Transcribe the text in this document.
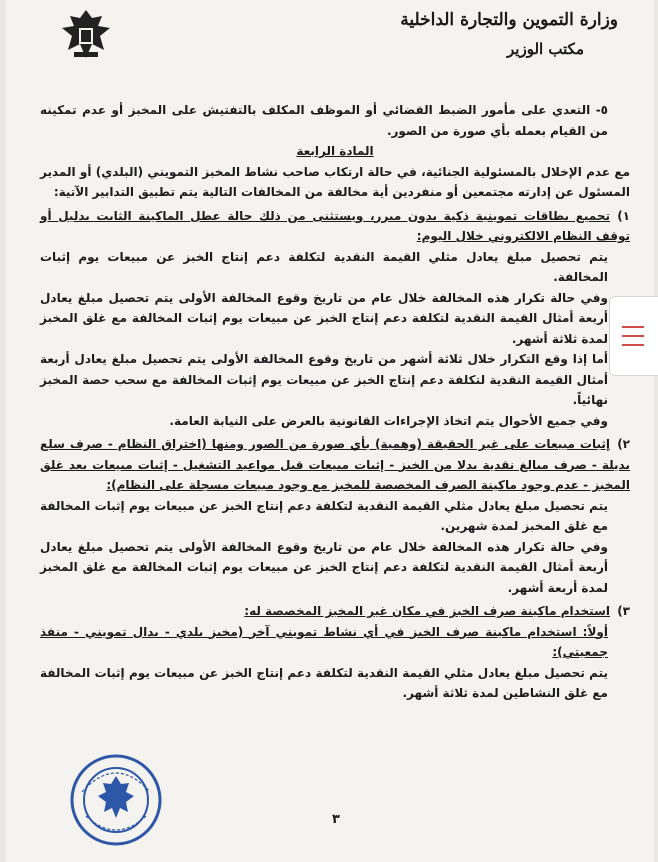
وزارة التموين والتجارة الداخلية
مكتب الوزير

٥- التعدي على مأمور الضبط القضائي أو الموظف المكلف بالتفتيش على المخبز أو عدم تمكينه من القيام بعمله بأي صورة من الصور.

المادة الرابعة

مع عدم الإخلال بالمسئولية الجنائية، في حالة ارتكاب صاحب نشاط المخبز التمويني (البلدي) أو المدير المسئول عن إدارته مجتمعين أو منفردين أية مخالفة من المخالفات التالية يتم تطبيق التدابير الآتية:

١)تجميع بطاقات تموينية ذكية بدون مبرر، ويستثنى من ذلك حالة عطل الماكينة الثابت بدليل أو توقف النظام الالكتروني خلال اليوم:

يتم تحصيل مبلغ يعادل مثلي القيمة النقدية لتكلفة دعم إنتاج الخبز عن مبيعات يوم إثبات المخالفة.

وفي حالة تكرار هذه المخالفة خلال عام من تاريخ وقوع المخالفة الأولى يتم تحصيل مبلغ يعادل أربعة أمثال القيمة النقدية لتكلفة دعم إنتاج الخبز عن مبيعات يوم إثبات المخالفة مع غلق المخبز لمدة ثلاثة أشهر.

أما إذا وقع التكرار خلال ثلاثة أشهر من تاريخ وقوع المخالفة الأولى يتم تحصيل مبلغ يعادل أربعة أمثال القيمة النقدية لتكلفة دعم إنتاج الخبز عن مبيعات يوم إثبات المخالفة مع سحب حصة المخبز نهائياً.

وفي جميع الأحوال يتم اتخاذ الإجراءات القانونية بالعرض على النيابة العامة.

٢)إثبات مبيعات على غير الحقيقة (وهمية) بأي صورة من الصور ومنها (اختراق النظام - صرف سلع بديلة - صرف مبالغ نقدية بدلا من الخبز - إثبات مبيعات قبل مواعيد التشغيل - إثبات مبيعات بعد غلق المخبز - عدم وجود ماكينة الصرف المخصصة للمخبز مع وجود مبيعات مسجلة على النظام):

يتم تحصيل مبلغ يعادل مثلي القيمة النقدية لتكلفة دعم إنتاج الخبز عن مبيعات يوم إثبات المخالفة مع غلق المخبز لمدة شهرين.

وفي حالة تكرار هذه المخالفة خلال عام من تاريخ وقوع المخالفة الأولى يتم تحصيل مبلغ يعادل أربعة أمثال القيمة النقدية لتكلفة دعم إنتاج الخبز عن مبيعات يوم إثبات المخالفة مع غلق المخبز لمدة أربعة أشهر.

٣)استخدام ماكينة صرف الخبز في مكان غير المخبز المخصصة له:

أولاً: استخدام ماكينة صرف الخبز في أي نشاط تمويني آخر (مخبز بلدي - بدال تمويني - منفذ جمعيتي):

يتم تحصيل مبلغ يعادل مثلي القيمة النقدية لتكلفة دعم إنتاج الخبز عن مبيعات يوم إثبات المخالفة مع غلق النشاطين لمدة ثلاثة أشهر.

٣
